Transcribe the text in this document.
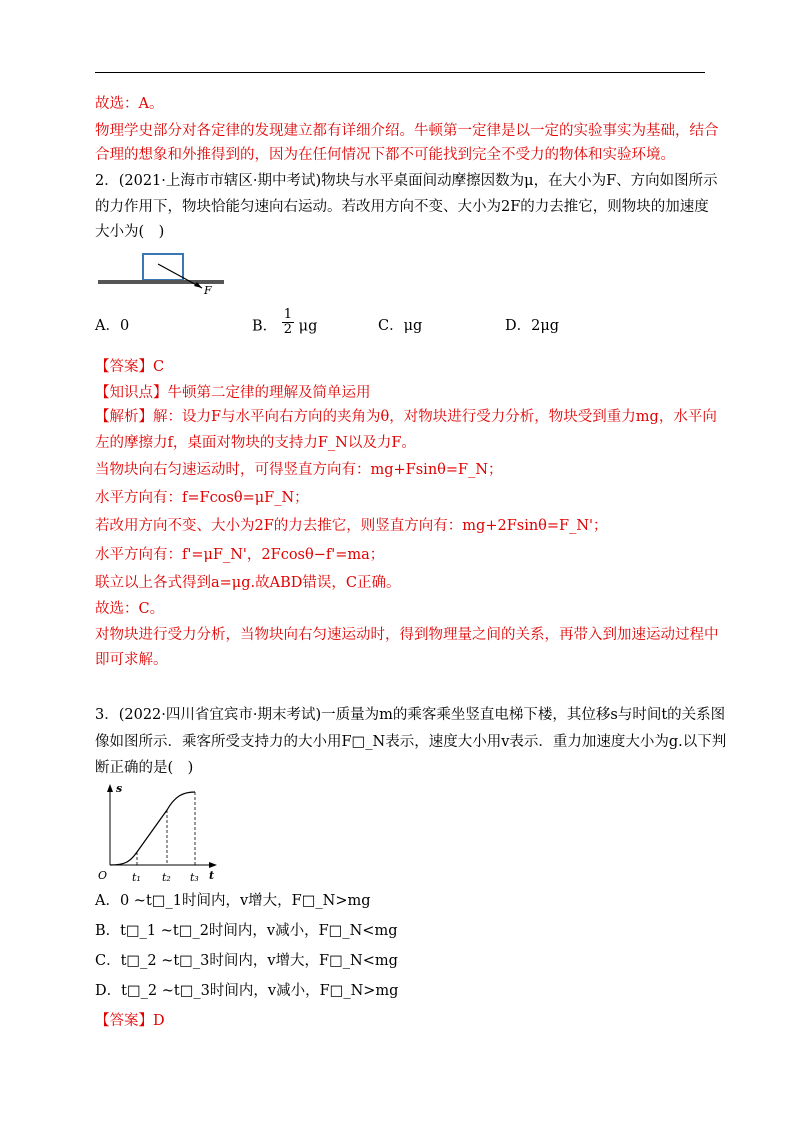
故选：A。
物理学史部分对各定律的发现建立都有详细介绍。牛顿第一定律是以一定的实验事实为基础，结合
合理的想象和外推得到的，因为在任何情况下都不可能找到完全不受力的物体和实验环境。
2．(2021·上海市市辖区·期中考试)物块与水平桌面间动摩擦因数为μ，在大小为F、方向如图所示
的力作用下，物块恰能匀速向右运动。若改用方向不变、大小为2F的力去推它，则物块的加速度
大小为(　)
F
A．0	B． $\frac{1}{2}$ μg	C．μg	D．2μg
【答案】C
【知识点】牛顿第二定律的理解及简单运用
【解析】解：设力F与水平向右方向的夹角为θ，对物块进行受力分析，物块受到重力mg，水平向
左的摩擦力f，桌面对物块的支持力F_N以及力F。
当物块向右匀速运动时，可得竖直方向有：mg+Fsinθ=F_N；
水平方向有：f=Fcosθ=μF_N；
若改用方向不变、大小为2F的力去推它，则竖直方向有：mg+2Fsinθ=F_N'；
水平方向有：f'=μF_N'，2Fcosθ−f'=ma；
联立以上各式得到a=μg.故ABD错误，C正确。
故选：C。
对物块进行受力分析，当物块向右匀速运动时，得到物理量之间的关系，再带入到加速运动过程中
即可求解。
3．(2022·四川省宜宾市·期末考试)一质量为m的乘客乘坐竖直电梯下楼，其位移s与时间t的关系图
像如图所示．乘客所受支持力的大小用F□_N表示，速度大小用v表示．重力加速度大小为g.以下判
断正确的是(　)
s
O t₁ t₂ t₃ t
A．0 ~t□_1时间内，v增大，F□_N>mg
B．t□_1 ~t□_2时间内，v减小，F□_N<mg
C．t□_2 ~t□_3时间内，v增大，F□_N<mg
D．t□_2 ~t□_3时间内，v减小，F□_N>mg
【答案】D
